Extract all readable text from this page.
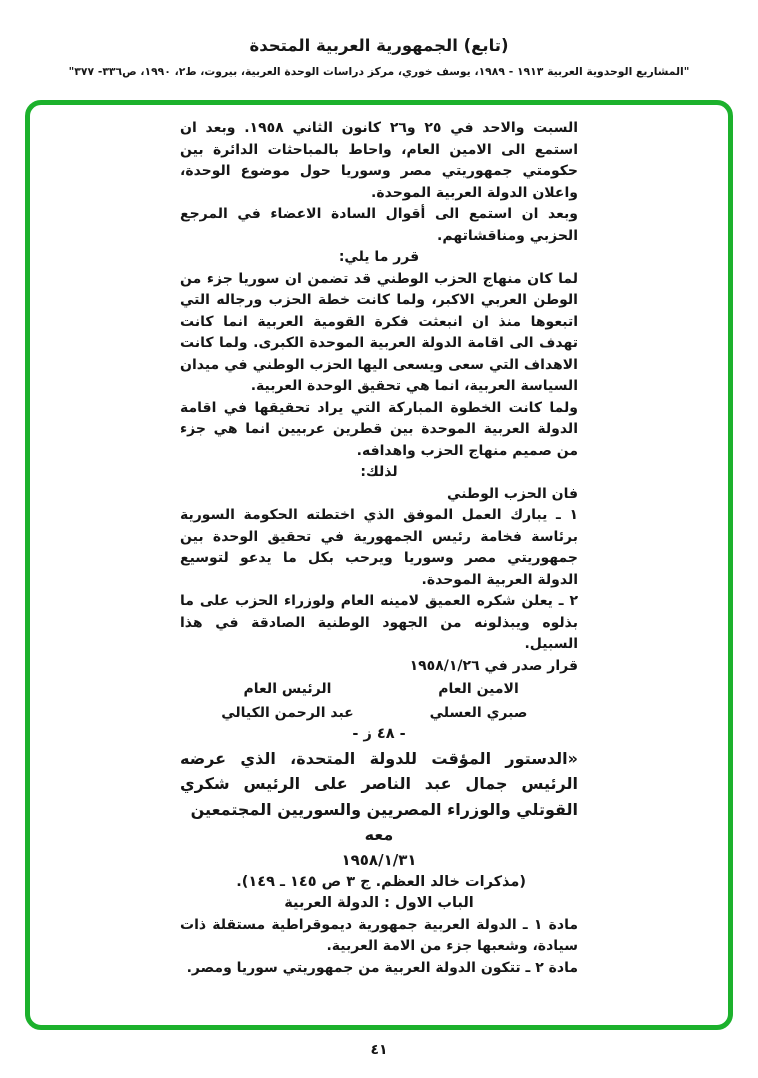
(تابع) الجمهورية العربية المتحدة
"المشاريع الوحدوية العربية ١٩١٣ - ١٩٨٩، يوسف خوري، مركز دراسات الوحدة العربية، بيروت، ط٢، ١٩٩٠، ص٣٣٦- ٣٧٧"

السبت والاحد في ٢٥ و٢٦ كانون الثاني ١٩٥٨. وبعد ان استمع الى الامين العام، واحاط بالمباحثات الدائرة بين حكومتي جمهوريتي مصر وسوريا حول موضوع الوحدة، واعلان الدولة العربية الموحدة.

وبعد ان استمع الى أقوال السادة الاعضاء في المرجع الحزبي ومناقشاتهم.

قرر ما يلي:

لما كان منهاج الحزب الوطني قد تضمن ان سوريا جزء من الوطن العربي الاكبر، ولما كانت خطة الحزب ورجاله التي اتبعوها منذ ان انبعثت فكرة القومية العربية انما كانت تهدف الى اقامة الدولة العربية الموحدة الكبرى. ولما كانت الاهداف التي سعى ويسعى اليها الحزب الوطني في ميدان السياسة العربية، انما هي تحقيق الوحدة العربية.

ولما كانت الخطوة المباركة التي يراد تحقيقها في اقامة الدولة العربية الموحدة بين قطرين عربيين انما هي جزء من صميم منهاج الحزب واهدافه.

لذلك:

فان الحزب الوطني

١ ـ يبارك العمل الموفق الذي اختطته الحكومة السورية برئاسة فخامة رئيس الجمهورية في تحقيق الوحدة بين جمهوريتي مصر وسوريا ويرحب بكل ما يدعو لتوسيع الدولة العربية الموحدة.

٢ ـ يعلن شكره العميق لامينه العام ولوزراء الحزب على ما بذلوه ويبذلونه من الجهود الوطنية الصادقة في هذا السبيل.

قرار صدر في ١٩٥٨/١/٢٦

الامين العام
الرئيس العام
صبري العسلي
عبد الرحمن الكيالي

- ٤٨ ز -

«الدستور المؤقت للدولة المتحدة، الذي عرضه الرئيس جمال عبد الناصر على الرئيس شكري القوتلي والوزراء المصريين والسوريين المجتمعين

معه

١٩٥٨/١/٣١

(مذكرات خالد العظم. ج ٣ ص ١٤٥ ـ ١٤٩).

الباب الاول : الدولة العربية

مادة ١ ـ الدولة العربية جمهورية ديموقراطية مستقلة ذات سيادة، وشعبها جزء من الامة العربية.

مادة ٢ ـ تتكون الدولة العربية من جمهوريتي سوريا ومصر.

٤١
